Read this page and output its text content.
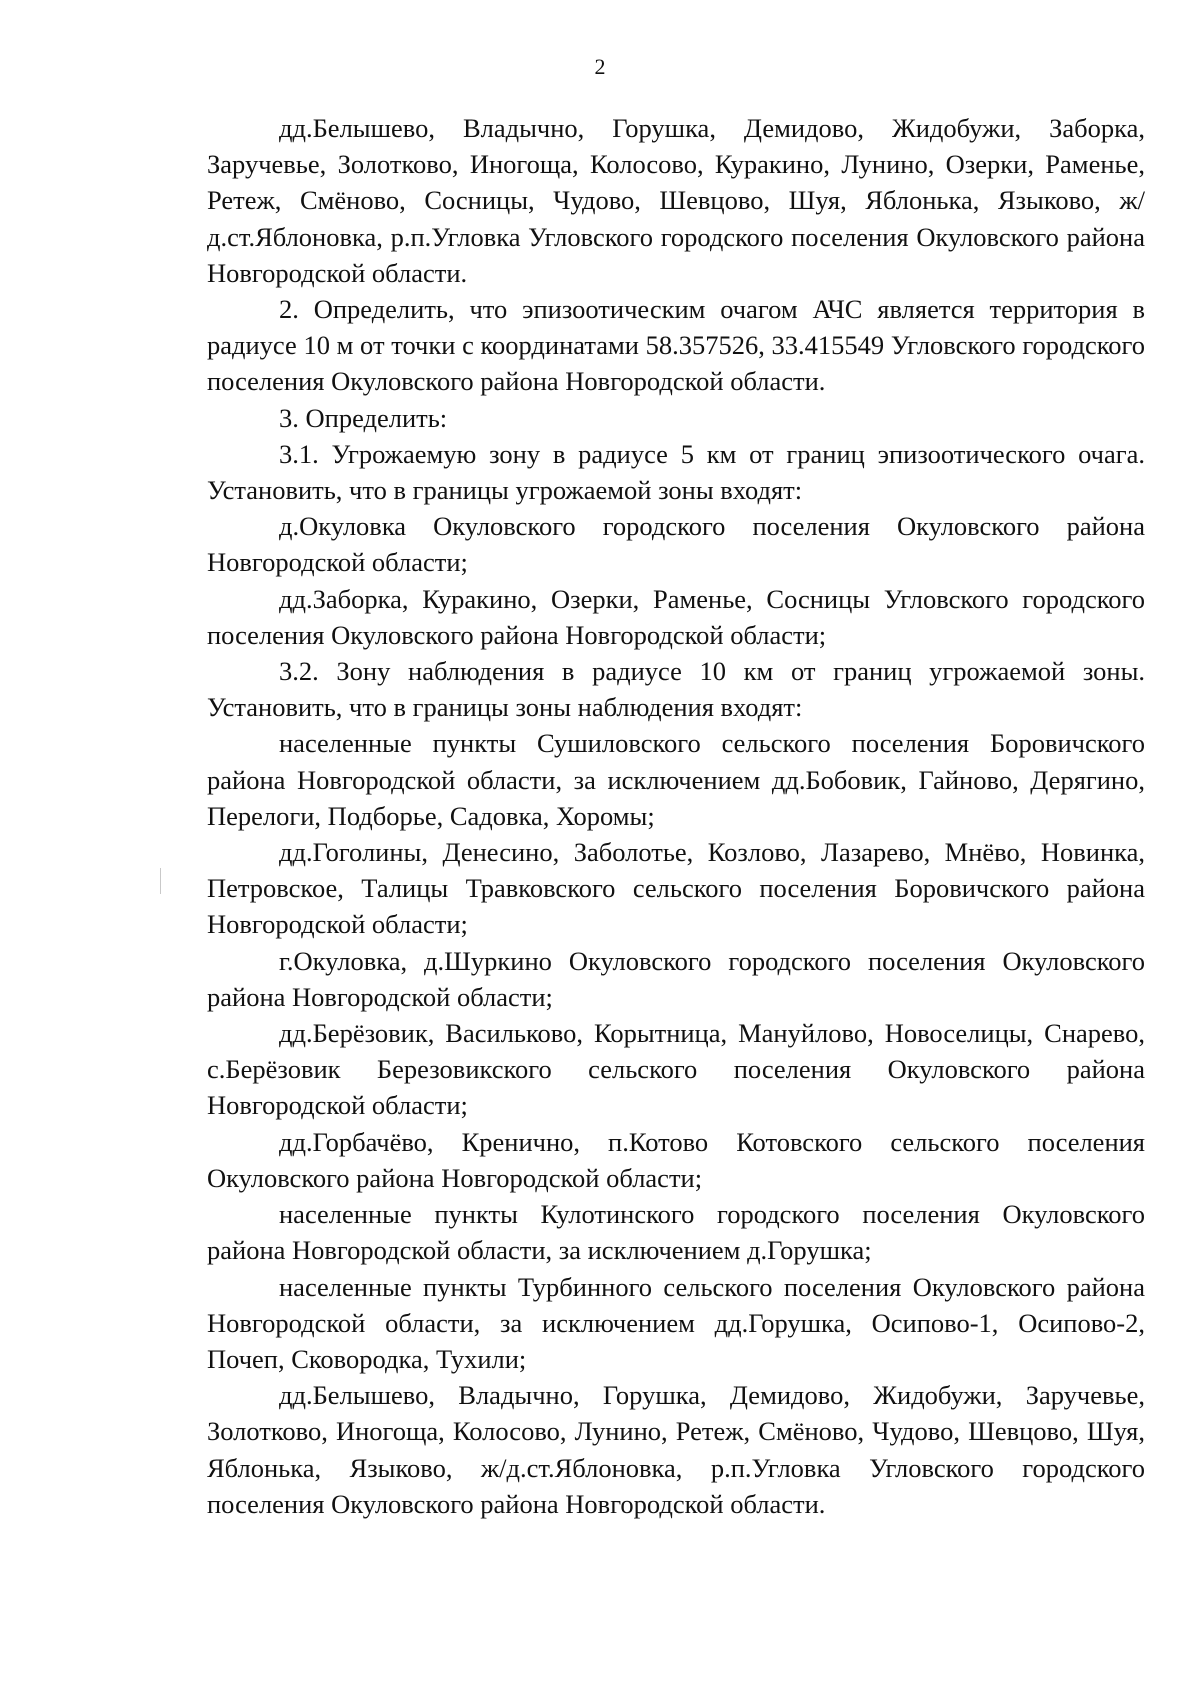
2

дд.Белышево, Владычно, Горушка, Демидово, Жидобужи, Заборка, Заручевье, Золотково, Иногоща, Колосово, Куракино, Лунино, Озерки, Раменье, Ретеж, Смёново, Сосницы, Чудово, Шевцово, Шуя, Яблонька, Языково, ж/д.ст.Яблоновка, р.п.Угловка Угловского городского поселения Окуловского района Новгородской области.

2. Определить, что эпизоотическим очагом АЧС является территория в радиусе 10 м от точки с координатами 58.357526, 33.415549 Угловского городского поселения Окуловского района Новгородской области.

3. Определить:

3.1. Угрожаемую зону в радиусе 5 км от границ эпизоотического очага. Установить, что в границы угрожаемой зоны входят:

д.Окуловка Окуловского городского поселения Окуловского района Новгородской области;

дд.Заборка, Куракино, Озерки, Раменье, Сосницы Угловского городского поселения Окуловского района Новгородской области;

3.2. Зону наблюдения в радиусе 10 км от границ угрожаемой зоны. Установить, что в границы зоны наблюдения входят:

населенные пункты Сушиловского сельского поселения Боровичского района Новгородской области, за исключением дд.Бобовик, Гайново, Дерягино, Перелоги, Подборье, Садовка, Хоромы;

дд.Гоголины, Денесино, Заболотье, Козлово, Лазарево, Мнёво, Новинка, Петровское, Талицы Травковского сельского поселения Боровичского района Новгородской области;

г.Окуловка, д.Шуркино Окуловского городского поселения Окуловского района Новгородской области;

дд.Берёзовик, Васильково, Корытница, Мануйлово, Новоселицы, Снарево, с.Берёзовик Березовикского сельского поселения Окуловского района Новгородской области;

дд.Горбачёво, Кренично, п.Котово Котовского сельского поселения Окуловского района Новгородской области;

населенные пункты Кулотинского городского поселения Окуловского района Новгородской области, за исключением д.Горушка;

населенные пункты Турбинного сельского поселения Окуловского района Новгородской области, за исключением дд.Горушка, Осипово-1, Осипово-2, Почеп, Сковородка, Тухили;

дд.Белышево, Владычно, Горушка, Демидово, Жидобужи, Заручевье, Золотково, Иногоща, Колосово, Лунино, Ретеж, Смёново, Чудово, Шевцово, Шуя, Яблонька, Языково, ж/д.ст.Яблоновка, р.п.Угловка Угловского городского поселения Окуловского района Новгородской области.
